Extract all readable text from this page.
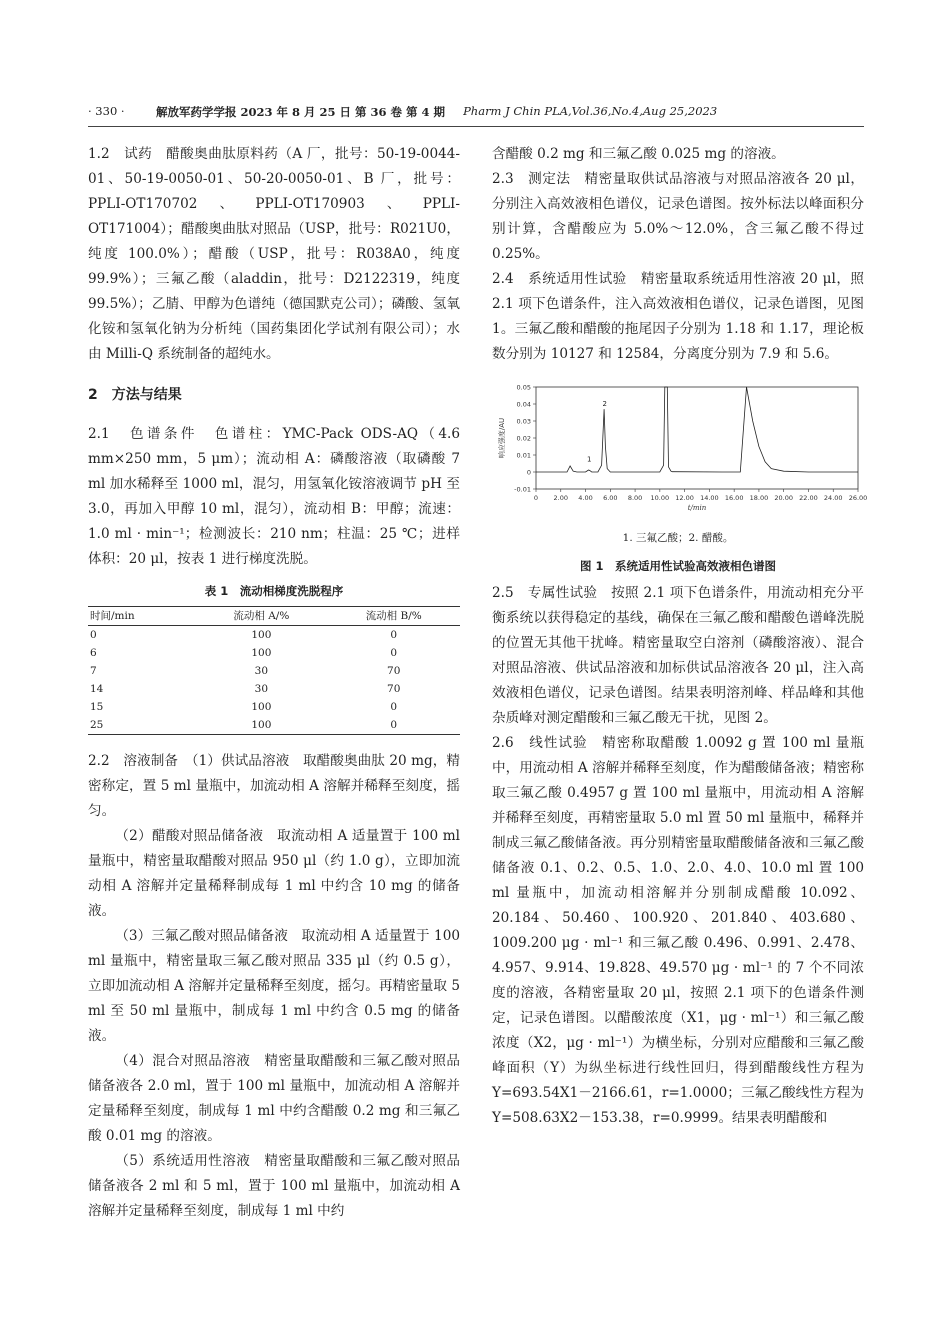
· 330 ·	解放军药学学报 2023 年 8 月 25 日 第 36 卷 第 4 期 Pharm J Chin PLA,Vol.36,No.4,Aug 25,2023

1.2　试药　醋酸奥曲肽原料药（A 厂，批号：50-19-0044-01、50-19-0050-01、50-20-0050-01、B 厂，批号：PPLI-OT170702、PPLI-OT170903、PPLI-OT171004）；醋酸奥曲肽对照品（USP，批号：R021U0，纯度 100.0%）；醋酸（USP，批号：R038A0，纯度 99.9%）；三氟乙酸（aladdin，批号：D2122319，纯度 99.5%）；乙腈、甲醇为色谱纯（德国默克公司）；磷酸、氢氧化铵和氢氧化钠为分析纯（国药集团化学试剂有限公司）；水由 Milli-Q 系统制备的超纯水。

2　方法与结果

2.1　色谱条件　色谱柱：YMC-Pack ODS-AQ（4.6 mm×250 mm，5 μm）；流动相 A：磷酸溶液（取磷酸 7 ml 加水稀释至 1000 ml，混匀，用氢氧化铵溶液调节 pH 至 3.0，再加入甲醇 10 ml，混匀），流动相 B：甲醇；流速：1.0 ml · min⁻¹；检测波长：210 nm；柱温：25 ℃；进样体积：20 μl，按表 1 进行梯度洗脱。

表 1　流动相梯度洗脱程序
时间/min	流动相 A/%	流动相 B/%
0	100	0
6	100	0
7	30	70
14	30	70
15	100	0
25	100	0

2.2　溶液制备　（1）供试品溶液　取醋酸奥曲肽 20 mg，精密称定，置 5 ml 量瓶中，加流动相 A 溶解并稀释至刻度，摇匀。

（2）醋酸对照品储备液　取流动相 A 适量置于 100 ml 量瓶中，精密量取醋酸对照品 950 μl（约 1.0 g），立即加流动相 A 溶解并定量稀释制成每 1 ml 中约含 10 mg 的储备液。

（3）三氟乙酸对照品储备液　取流动相 A 适量置于 100 ml 量瓶中，精密量取三氟乙酸对照品 335 μl（约 0.5 g），立即加流动相 A 溶解并定量稀释至刻度，摇匀。再精密量取 5 ml 至 50 ml 量瓶中，制成每 1 ml 中约含 0.5 mg 的储备液。

（4）混合对照品溶液　精密量取醋酸和三氟乙酸对照品储备液各 2.0 ml，置于 100 ml 量瓶中，加流动相 A 溶解并定量稀释至刻度，制成每 1 ml 中约含醋酸 0.2 mg 和三氟乙酸 0.01 mg 的溶液。

（5）系统适用性溶液　精密量取醋酸和三氟乙酸对照品储备液各 2 ml 和 5 ml，置于 100 ml 量瓶中，加流动相 A 溶解并定量稀释至刻度，制成每 1 ml 中约

含醋酸 0.2 mg 和三氟乙酸 0.025 mg 的溶液。

2.3　测定法　精密量取供试品溶液与对照品溶液各 20 μl，分别注入高效液相色谱仪，记录色谱图。按外标法以峰面积分别计算，含醋酸应为 5.0%～12.0%，含三氟乙酸不得过 0.25%。

2.4　系统适用性试验　精密量取系统适用性溶液 20 μl，照 2.1 项下色谱条件，注入高效液相色谱仪，记录色谱图，见图 1。三氟乙酸和醋酸的拖尾因子分别为 1.18 和 1.17，理论板数分别为 10127 和 12584，分离度分别为 7.9 和 5.6。

-0.01
0
0.01
0.02
0.03
0.04
0.05
0 2.00 4.00 6.00 8.00 10.00 12.00 14.00 16.00 18.00 20.00 22.00 24.00 26.00
t/min
响应强度/AU
1
2
1. 三氟乙酸；2. 醋酸。
图 1　系统适用性试验高效液相色谱图

2.5　专属性试验　按照 2.1 项下色谱条件，用流动相充分平衡系统以获得稳定的基线，确保在三氟乙酸和醋酸色谱峰洗脱的位置无其他干扰峰。精密量取空白溶剂（磷酸溶液）、混合对照品溶液、供试品溶液和加标供试品溶液各 20 μl，注入高效液相色谱仪，记录色谱图。结果表明溶剂峰、样品峰和其他杂质峰对测定醋酸和三氟乙酸无干扰，见图 2。

2.6　线性试验　精密称取醋酸 1.0092 g 置 100 ml 量瓶中，用流动相 A 溶解并稀释至刻度，作为醋酸储备液；精密称取三氟乙酸 0.4957 g 置 100 ml 量瓶中，用流动相 A 溶解并稀释至刻度，再精密量取 5.0 ml 置 50 ml 量瓶中，稀释并制成三氟乙酸储备液。再分别精密量取醋酸储备液和三氟乙酸储备液 0.1、0.2、0.5、1.0、2.0、4.0、10.0 ml 置 100 ml 量瓶中，加流动相溶解并分别制成醋酸 10.092、20.184、50.460、100.920、201.840、403.680、1009.200 μg · ml⁻¹ 和三氟乙酸 0.496、0.991、2.478、4.957、9.914、19.828、49.570 μg · ml⁻¹ 的 7 个不同浓度的溶液，各精密量取 20 μl，按照 2.1 项下的色谱条件测定，记录色谱图。以醋酸浓度（X1，μg · ml⁻¹）和三氟乙酸浓度（X2，μg · ml⁻¹）为横坐标，分别对应醋酸和三氟乙酸峰面积（Y）为纵坐标进行线性回归，得到醋酸线性方程为 Y=693.54X1－2166.61，r=1.0000；三氟乙酸线性方程为 Y=508.63X2－153.38，r=0.9999。结果表明醋酸和
